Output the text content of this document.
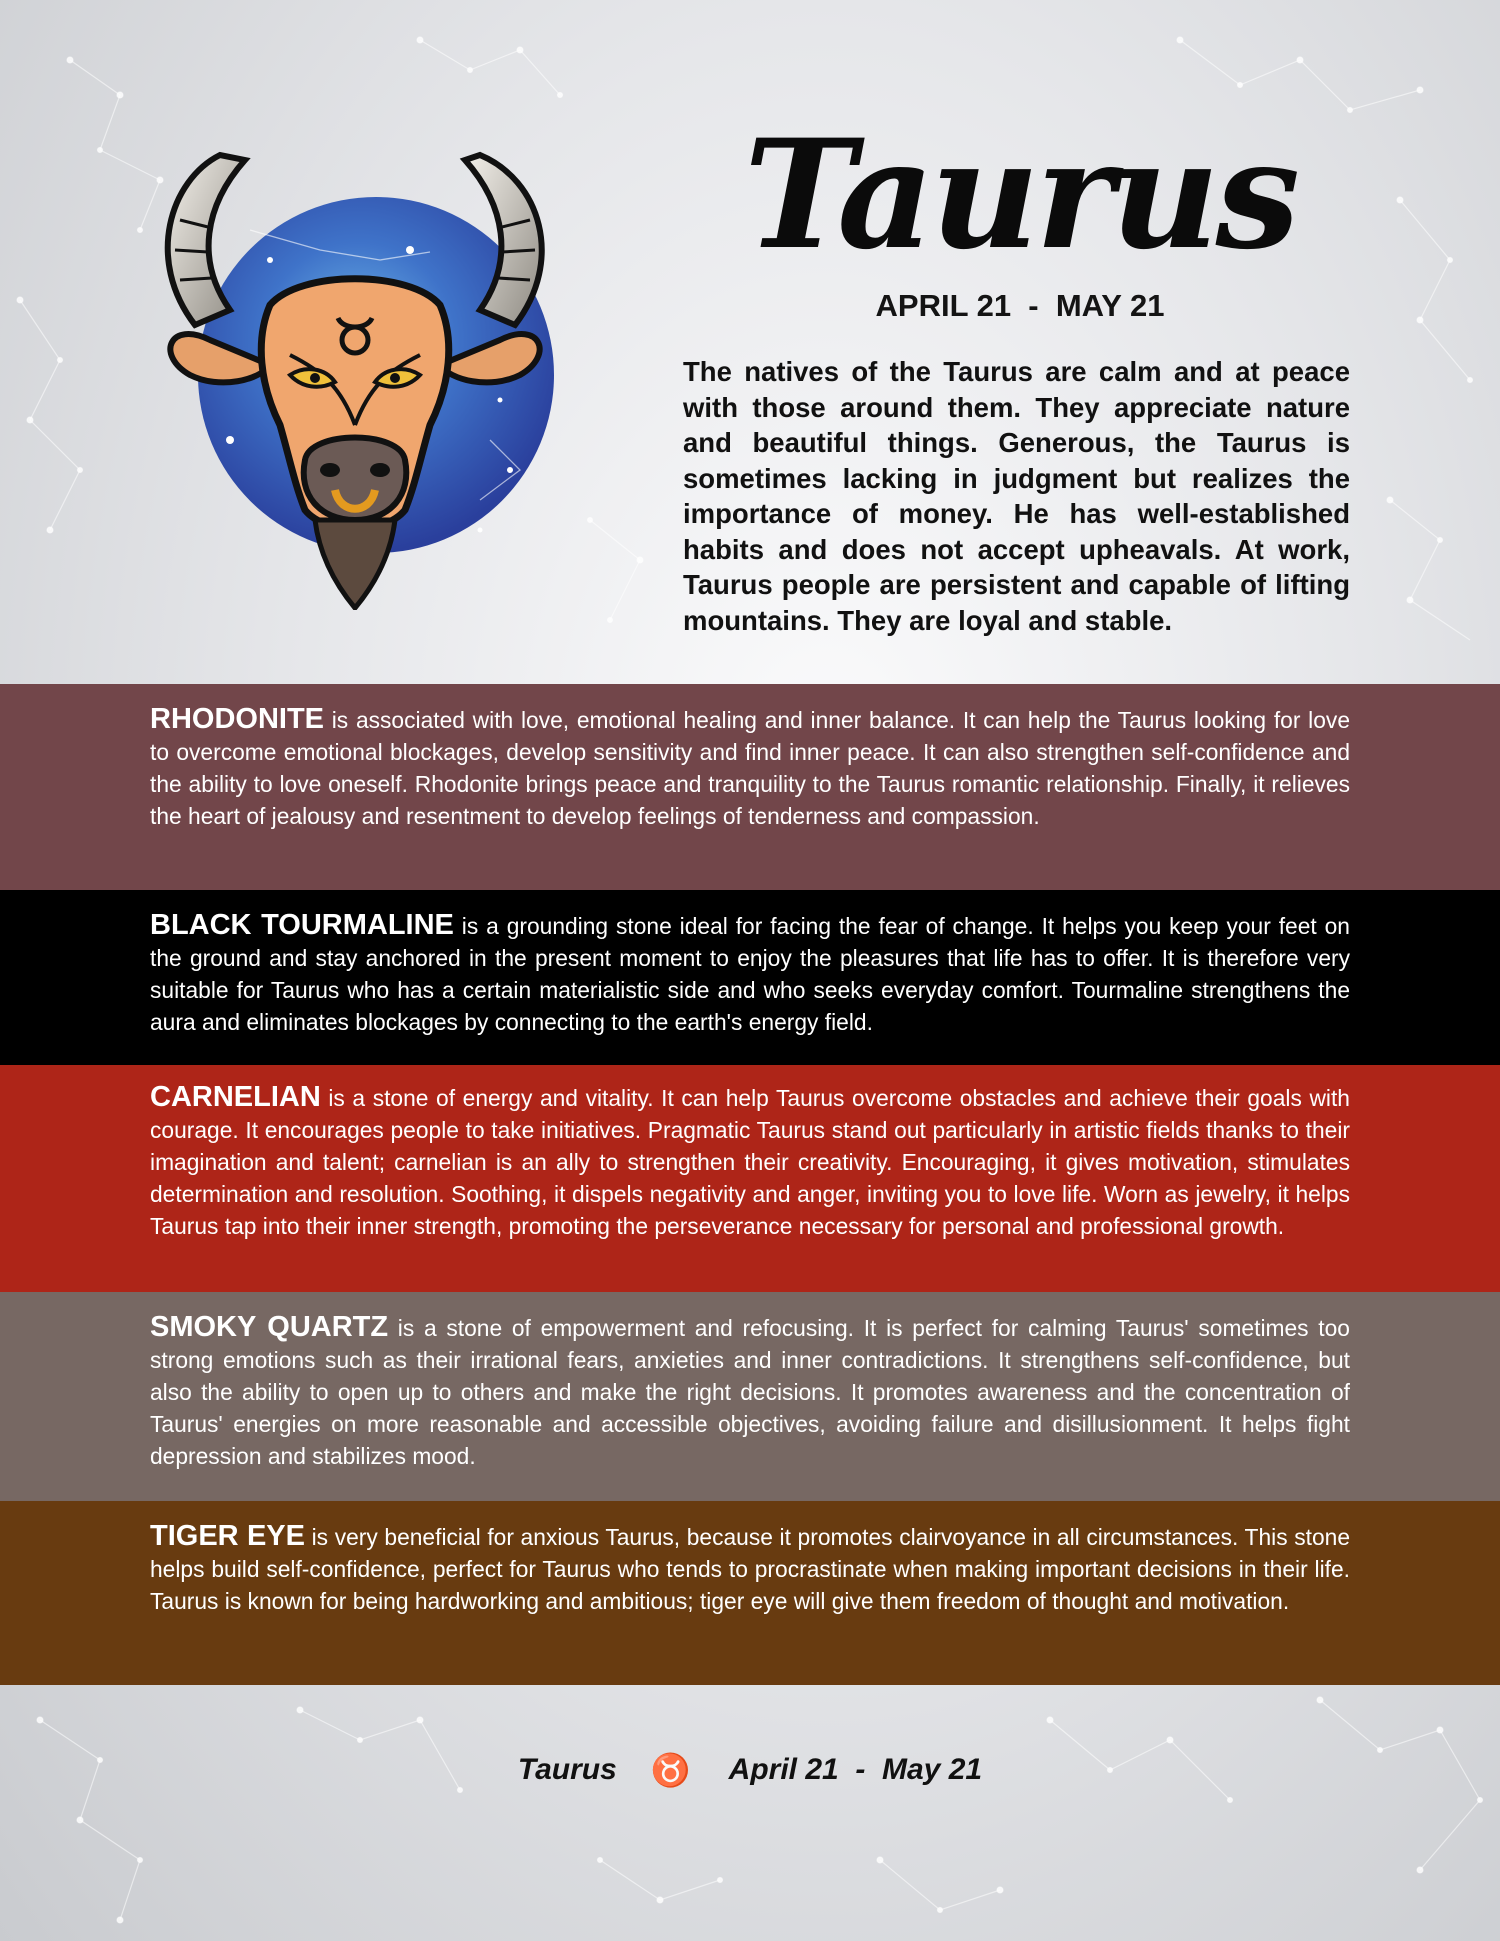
Taurus
APRIL 21  -  MAY 21

The natives of the Taurus are calm and at peace with those around them. They appreciate nature and beautiful things. Generous, the Taurus is sometimes lacking in judgment but realizes the importance of money. He has well-established habits and does not accept upheavals. At work, Taurus people are persistent and capable of lifting mountains. They are loyal and stable.

RHODONITE is associated with love, emotional healing and inner balance. It can help the Taurus looking for love to overcome emotional blockages, develop sensitivity and find inner peace. It can also strengthen self-confidence and the ability to love oneself. Rhodonite brings peace and tranquility to the Taurus romantic relationship. Finally, it relieves the heart of jealousy and resentment to develop feelings of tenderness and compassion.

BLACK TOURMALINE is a grounding stone ideal for facing the fear of change. It helps you keep your feet on the ground and stay anchored in the present moment to enjoy the pleasures that life has to offer. It is therefore very suitable for Taurus who has a certain materialistic side and who seeks everyday comfort. Tourmaline strengthens the aura and eliminates blockages by connecting to the earth's energy field.

CARNELIAN is a stone of energy and vitality. It can help Taurus overcome obstacles and achieve their goals with courage. It encourages people to take initiatives. Pragmatic Taurus stand out particularly in artistic fields thanks to their imagination and talent; carnelian is an ally to strengthen their creativity. Encouraging, it gives motivation, stimulates determination and resolution. Soothing, it dispels negativity and anger, inviting you to love life. Worn as jewelry, it helps Taurus tap into their inner strength, promoting the perseverance necessary for personal and professional growth.

SMOKY QUARTZ is a stone of empowerment and refocusing. It is perfect for calming Taurus' sometimes too strong emotions such as their irrational fears, anxieties and inner contradictions. It strengthens self-confidence, but also the ability to open up to others and make the right decisions. It promotes awareness and the concentration of Taurus' energies on more reasonable and accessible objectives, avoiding failure and disillusionment. It helps fight depression and stabilizes mood.

TIGER EYE is very beneficial for anxious Taurus, because it promotes clairvoyance in all circumstances. This stone helps build self-confidence, perfect for Taurus who tends to procrastinate when making important decisions in their life. Taurus is known for being hardworking and ambitious; tiger eye will give them freedom of thought and motivation.

Taurus ♉ April 21  -  May 21
